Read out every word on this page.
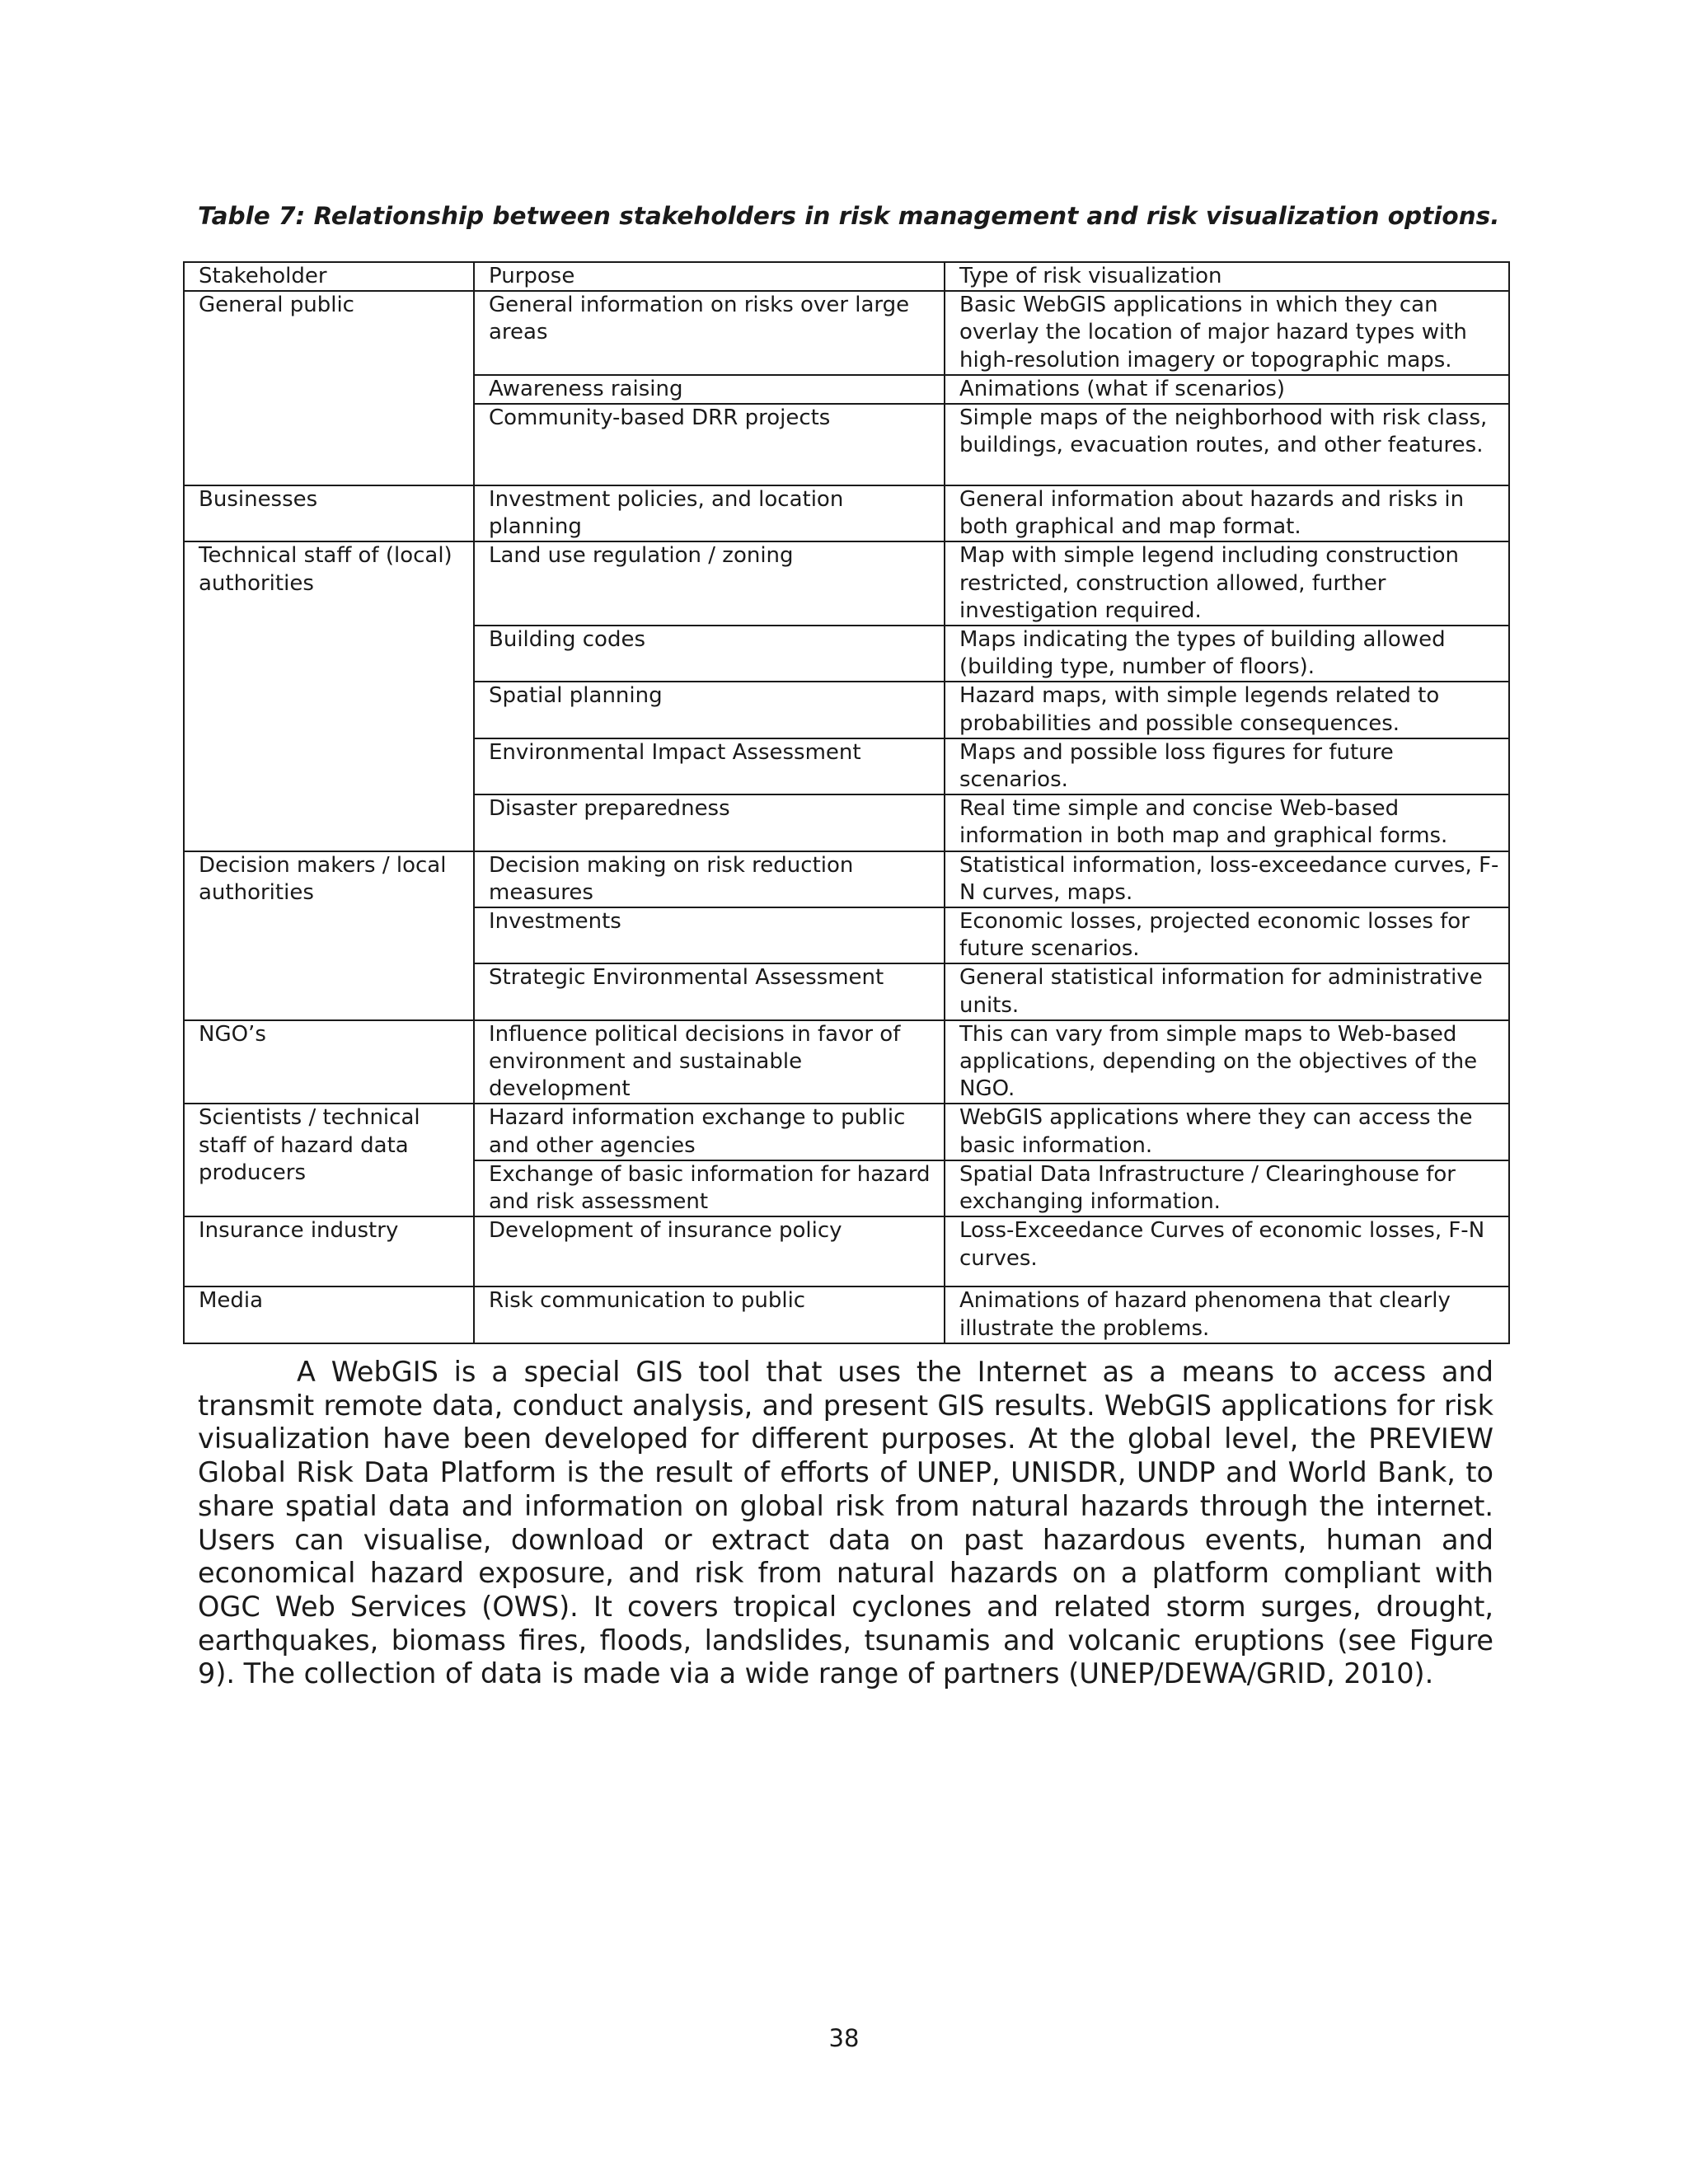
Table 7: Relationship between stakeholders in risk management and risk visualization options.

Stakeholder	Purpose	Type of risk visualization
General public	General information on risks over large areas	Basic WebGIS applications in which they can overlay the location of major hazard types with high-resolution imagery or topographic maps.
	Awareness raising	Animations (what if scenarios)
	Community-based DRR projects	Simple maps of the neighborhood with risk class, buildings, evacuation routes, and other features.
Businesses	Investment policies, and location planning	General information about hazards and risks in both graphical and map format.
Technical staff of (local) authorities	Land use regulation / zoning	Map with simple legend including construction restricted, construction allowed, further investigation required.
	Building codes	Maps indicating the types of building allowed (building type, number of floors).
	Spatial planning	Hazard maps, with simple legends related to probabilities and possible consequences.
	Environmental Impact Assessment	Maps and possible loss figures for future scenarios.
	Disaster preparedness	Real time simple and concise Web-based information in both map and graphical forms.
Decision makers / local authorities	Decision making on risk reduction measures	Statistical information, loss-exceedance curves, F-N curves, maps.
	Investments	Economic losses, projected economic losses for future scenarios.
	Strategic Environmental Assessment	General statistical information for administrative units.
NGO’s	Influence political decisions in favor of environment and sustainable development	This can vary from simple maps to Web-based applications, depending on the objectives of the NGO.
Scientists / technical staff of hazard data producers	Hazard information exchange to public and other agencies	WebGIS applications where they can access the basic information.
	Exchange of basic information for hazard and risk assessment	Spatial Data Infrastructure / Clearinghouse for exchanging information.
Insurance industry	Development of insurance policy	Loss-Exceedance Curves of economic losses, F-N curves.
Media	Risk communication to public	Animations of hazard phenomena that clearly illustrate the problems.

A WebGIS is a special GIS tool that uses the Internet as a means to access and transmit remote data, conduct analysis, and present GIS results. WebGIS applications for risk visualization have been developed for different purposes. At the global level, the PREVIEW Global Risk Data Platform is the result of efforts of UNEP, UNISDR, UNDP and World Bank, to share spatial data and information on global risk from natural hazards through the internet. Users can visualise, download or extract data on past hazardous events, human and economical hazard exposure, and risk from natural hazards on a platform compliant with OGC Web Services (OWS). It covers tropical cyclones and related storm surges, drought, earthquakes, biomass fires, floods, landslides, tsunamis and volcanic eruptions (see Figure 9). The collection of data is made via a wide range of partners (UNEP/DEWA/GRID, 2010).

38
